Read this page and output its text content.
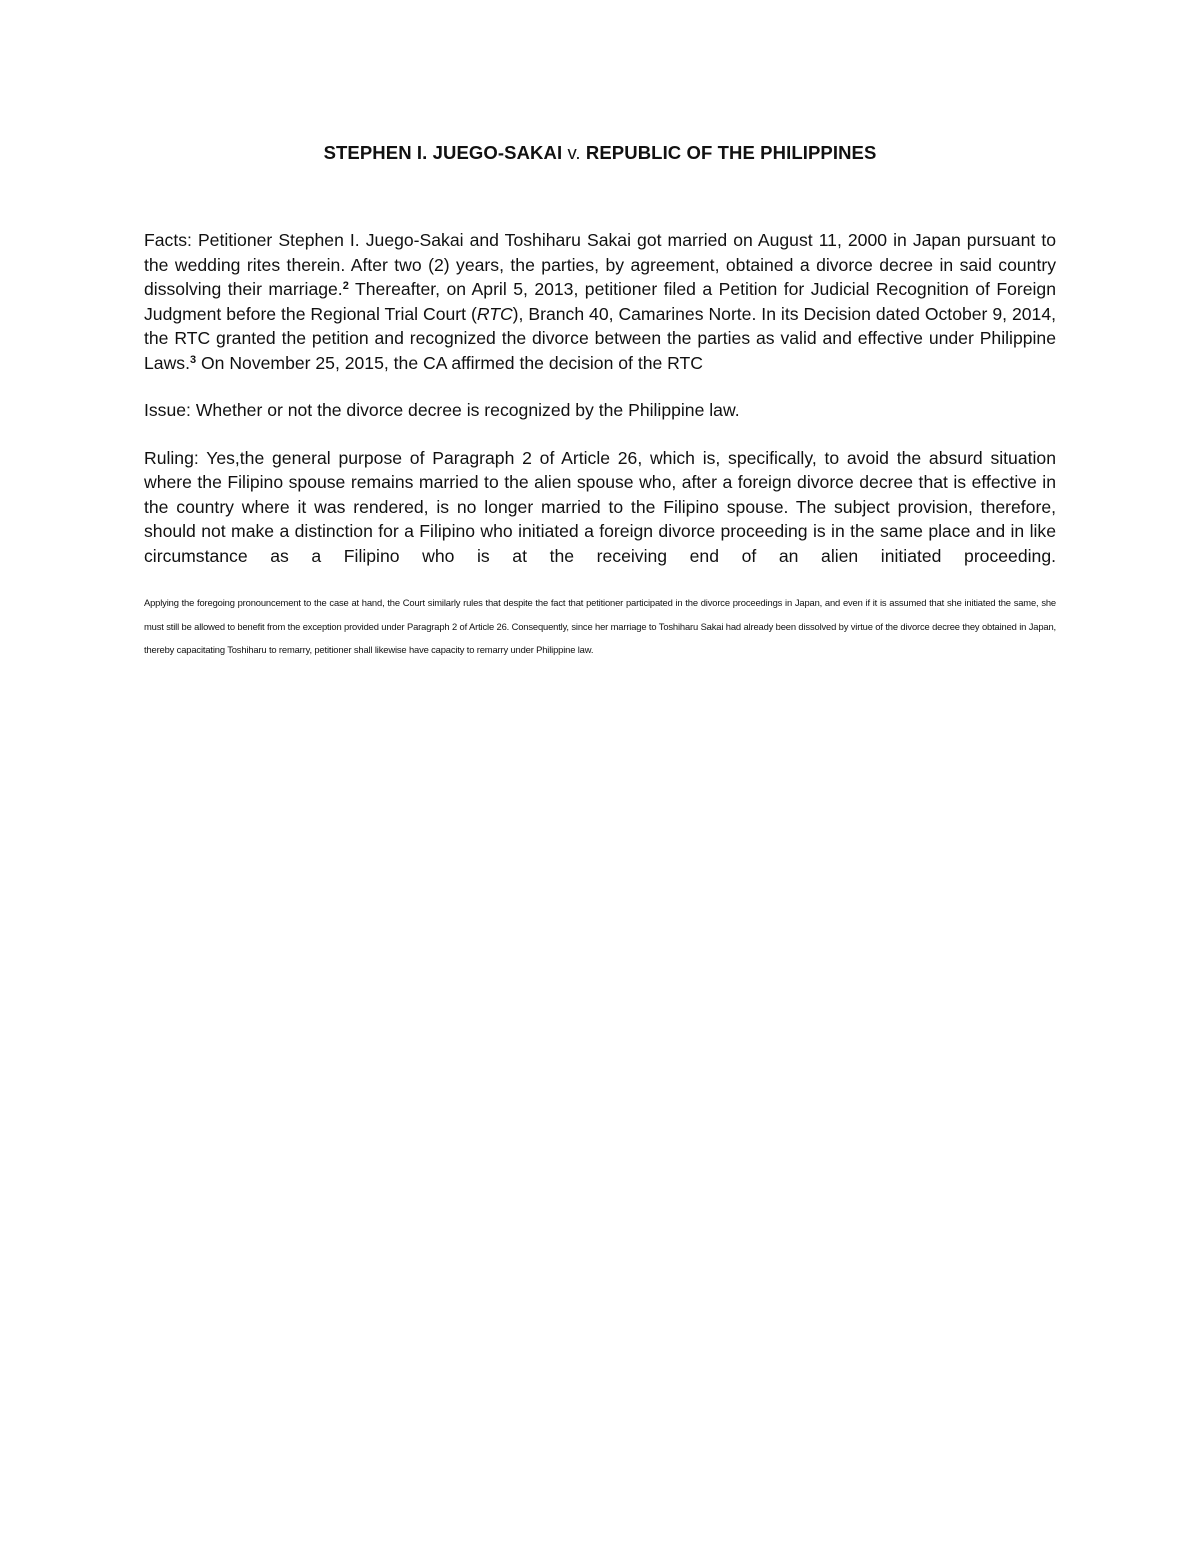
STEPHEN I. JUEGO-SAKAI v. REPUBLIC OF THE PHILIPPINES

Facts: Petitioner Stephen I. Juego-Sakai and Toshiharu Sakai got married on August 11, 2000 in Japan pursuant to the wedding rites therein. After two (2) years, the parties, by agreement, obtained a divorce decree in said country dissolving their marriage.$^2$ Thereafter, on April 5, 2013, petitioner filed a Petition for Judicial Recognition of Foreign Judgment before the Regional Trial Court (RTC), Branch 40, Camarines Norte. In its Decision dated October 9, 2014, the RTC granted the petition and recognized the divorce between the parties as valid and effective under Philippine Laws.$^3$ On November 25, 2015, the CA affirmed the decision of the RTC

Issue: Whether or not the divorce decree is recognized by the Philippine law.

Ruling: Yes,the general purpose of Paragraph 2 of Article 26, which is, specifically, to avoid the absurd situation where the Filipino spouse remains married to the alien spouse who, after a foreign divorce decree that is effective in the country where it was rendered, is no longer married to the Filipino spouse. The subject provision, therefore, should not make a distinction for a Filipino who initiated a foreign divorce proceeding is in the same place and in like circumstance as a Filipino who is at the receiving end of an alien initiated proceeding.

Applying the foregoing pronouncement to the case at hand, the Court similarly rules that despite the fact that petitioner participated in the divorce proceedings in Japan, and even if it is assumed that she initiated the same, she must still be allowed to benefit from the exception provided under Paragraph 2 of Article 26. Consequently, since her marriage to Toshiharu Sakai had already been dissolved by virtue of the divorce decree they obtained in Japan, thereby capacitating Toshiharu to remarry, petitioner shall likewise have capacity to remarry under Philippine law.
